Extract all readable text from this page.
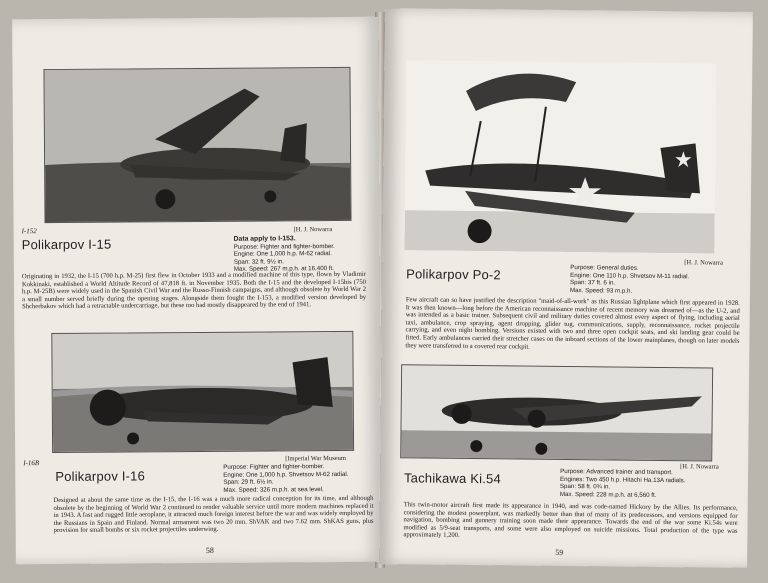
I-152
Polikarpov I-15
[H. J. Nowarra
Data apply to I-153.
Purpose: Fighter and fighter-bomber.
Engine: One 1,000 h.p. M-62 radial.
Span: 32 ft. 9½ in.
Max. Speed: 267 m.p.h. at 16,400 ft.
Originating in 1932, the I-15 (700 h.p. M-25) first flew in October 1933 and a modified machine of this type, flown by Vladimir Kokkinaki, established a World Altitude Record of 47,818 ft. in November 1935. Both the I-15 and the developed I-15bis (750 h.p. M-25B) were widely used in the Spanish Civil War and the Russo-Finnish campaigns, and although obsolete by World War 2 a small number served briefly during the opening stages. Alongside them fought the I-153, a modified version developed by Shcherbakov which had a retractable undercarriage, but these too had mostly disappeared by the end of 1941.
I-16B
[Imperial War Museum
Polikarpov I-16
Purpose: Fighter and fighter-bomber.
Engine: One 1,000 h.p. Shvetsov M-62 radial.
Span: 29 ft. 6½ in.
Max. Speed: 326 m.p.h. at sea level.
Designed at about the same time as the I-15, the I-16 was a much more radical conception for its time, and although obsolete by the beginning of World War 2 continued to render valuable service until more modern machines replaced it in 1943. A fast and rugged little aeroplane, it attracted much foreign interest before the war and was widely employed by the Russians in Spain and Finland. Normal armament was two 20 mm. ShVAK and two 7.62 mm. ShKAS guns, plus provision for small bombs or six rocket projectiles underwing.
58
[H. J. Nowarra
Polikarpov Po-2	Purpose: General duties.
Engine: One 110 h.p. Shvetsov M-11 radial.
Span: 37 ft. 6 in.
Max. Speed: 93 m.p.h.
Few aircraft can so have justified the description "maid-of-all-work" as this Russian lightplane which first appeared in 1928. It was then known—long before the American reconnaissance machine of recent memory was dreamed of—as the U-2, and was intended as a basic trainer. Subsequent civil and military duties covered almost every aspect of flying, including aerial taxi, ambulance, crop spraying, agent dropping, glider tug, communications, supply, reconnaissance, rocket projectile carrying, and even night bombing. Versions existed with two and three open cockpit seats, and ski landing gear could be fitted. Early ambulances carried their stretcher cases on the inboard sections of the lower mainplanes, though on later models they were transferred to a covered rear cockpit.
[H. J. Nowarra
Tachikawa Ki.54	Purpose: Advanced trainer and transport.
Engines: Two 450 h.p. Hitachi Ha.13A radials.
Span: 58 ft. 0¾ in.
Max. Speed: 228 m.p.h. at 6,560 ft.
This twin-motor aircraft first made its appearance in 1940, and was code-named Hickory by the Allies. Its performance, considering the modest powerplant, was markedly better than that of many of its predecessors, and versions equipped for navigation, bombing and gunnery training soon made their appearance. Towards the end of the war some Ki.54s were modified as 5/9-seat transports, and some were also employed on suicide missions. Total production of the type was approximately 1,200.
59
